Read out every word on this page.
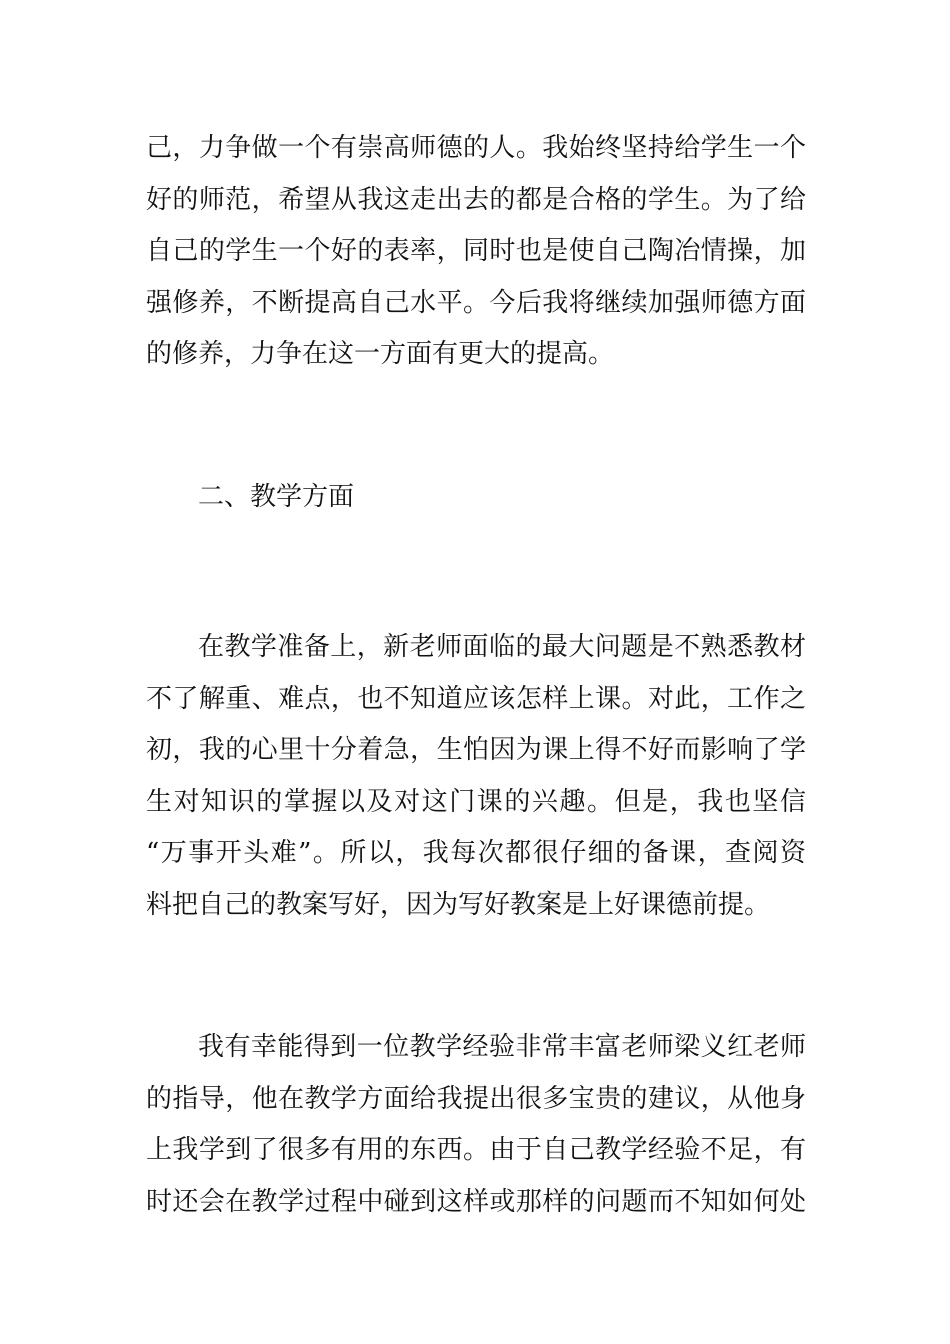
己，力争做一个有崇高师德的人。我始终坚持给学生一个
好的师范，希望从我这走出去的都是合格的学生。为了给
自己的学生一个好的表率，同时也是使自己陶冶情操，加
强修养，不断提高自己水平。今后我将继续加强师德方面
的修养，力争在这一方面有更大的提高。
二、教学方面
在教学准备上，新老师面临的最大问题是不熟悉教材
不了解重、难点，也不知道应该怎样上课。对此，工作之
初，我的心里十分着急，生怕因为课上得不好而影响了学
生对知识的掌握以及对这门课的兴趣。但是，我也坚信
“万事开头难”。所以，我每次都很仔细的备课，查阅资
料把自己的教案写好，因为写好教案是上好课德前提。
我有幸能得到一位教学经验非常丰富老师梁义红老师
的指导，他在教学方面给我提出很多宝贵的建议，从他身
上我学到了很多有用的东西。由于自己教学经验不足，有
时还会在教学过程中碰到这样或那样的问题而不知如何处
